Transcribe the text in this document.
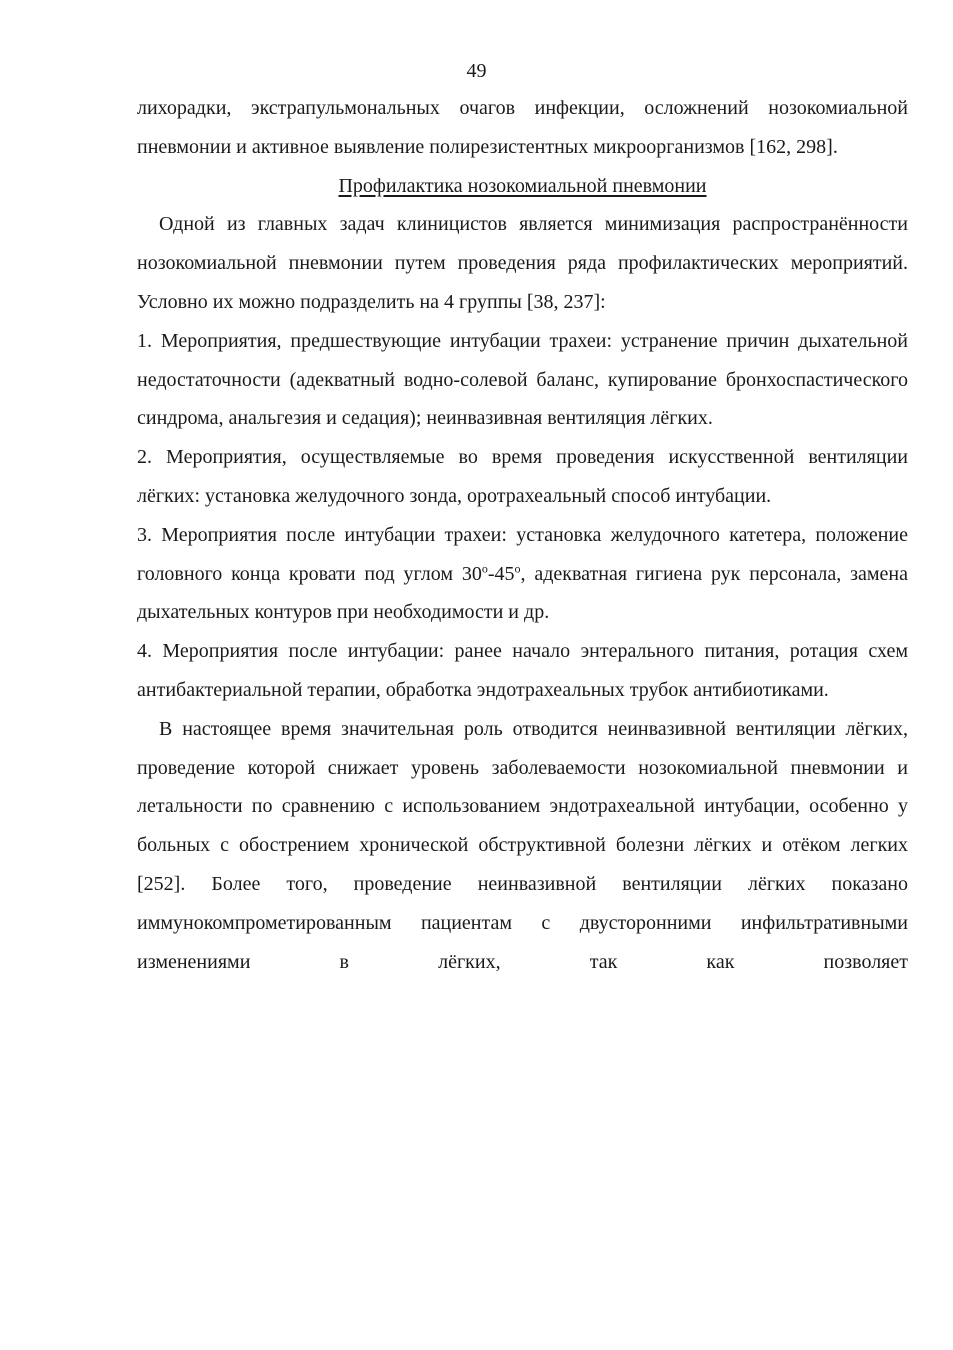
49

лихорадки, экстрапульмональных очагов инфекции, осложнений нозокомиальной пневмонии и активное выявление полирезистентных микроорганизмов [162, 298].

Профилактика нозокомиальной пневмонии

Одной из главных задач клиницистов является минимизация распространённости нозокомиальной пневмонии путем проведения ряда профилактических мероприятий. Условно их можно подразделить на 4 группы [38, 237]:

1. Мероприятия, предшествующие интубации трахеи: устранение причин дыхательной недостаточности (адекватный водно-солевой баланс, купирование бронхоспастического синдрома, анальгезия и седация); неинвазивная вентиляция лёгких.

2. Мероприятия, осуществляемые во время проведения искусственной вентиляции лёгких: установка желудочного зонда, оротрахеальный способ интубации.

3. Мероприятия после интубации трахеи: установка желудочного катетера, положение головного конца кровати под углом $30^о-45^о$, адекватная гигиена рук персонала, замена дыхательных контуров при необходимости и др.

4. Мероприятия после интубации: ранее начало энтерального питания, ротация схем антибактериальной терапии, обработка эндотрахеальных трубок антибиотиками.

В настоящее время значительная роль отводится неинвазивной вентиляции лёгких, проведение которой снижает уровень заболеваемости нозокомиальной пневмонии и летальности по сравнению с использованием эндотрахеальной интубации, особенно у больных с обострением хронической обструктивной болезни лёгких и отёком легких [252]. Более того, проведение неинвазивной вентиляции лёгких показано иммунокомпрометированным пациентам с двусторонними инфильтративными изменениями в лёгких, так как позволяет
